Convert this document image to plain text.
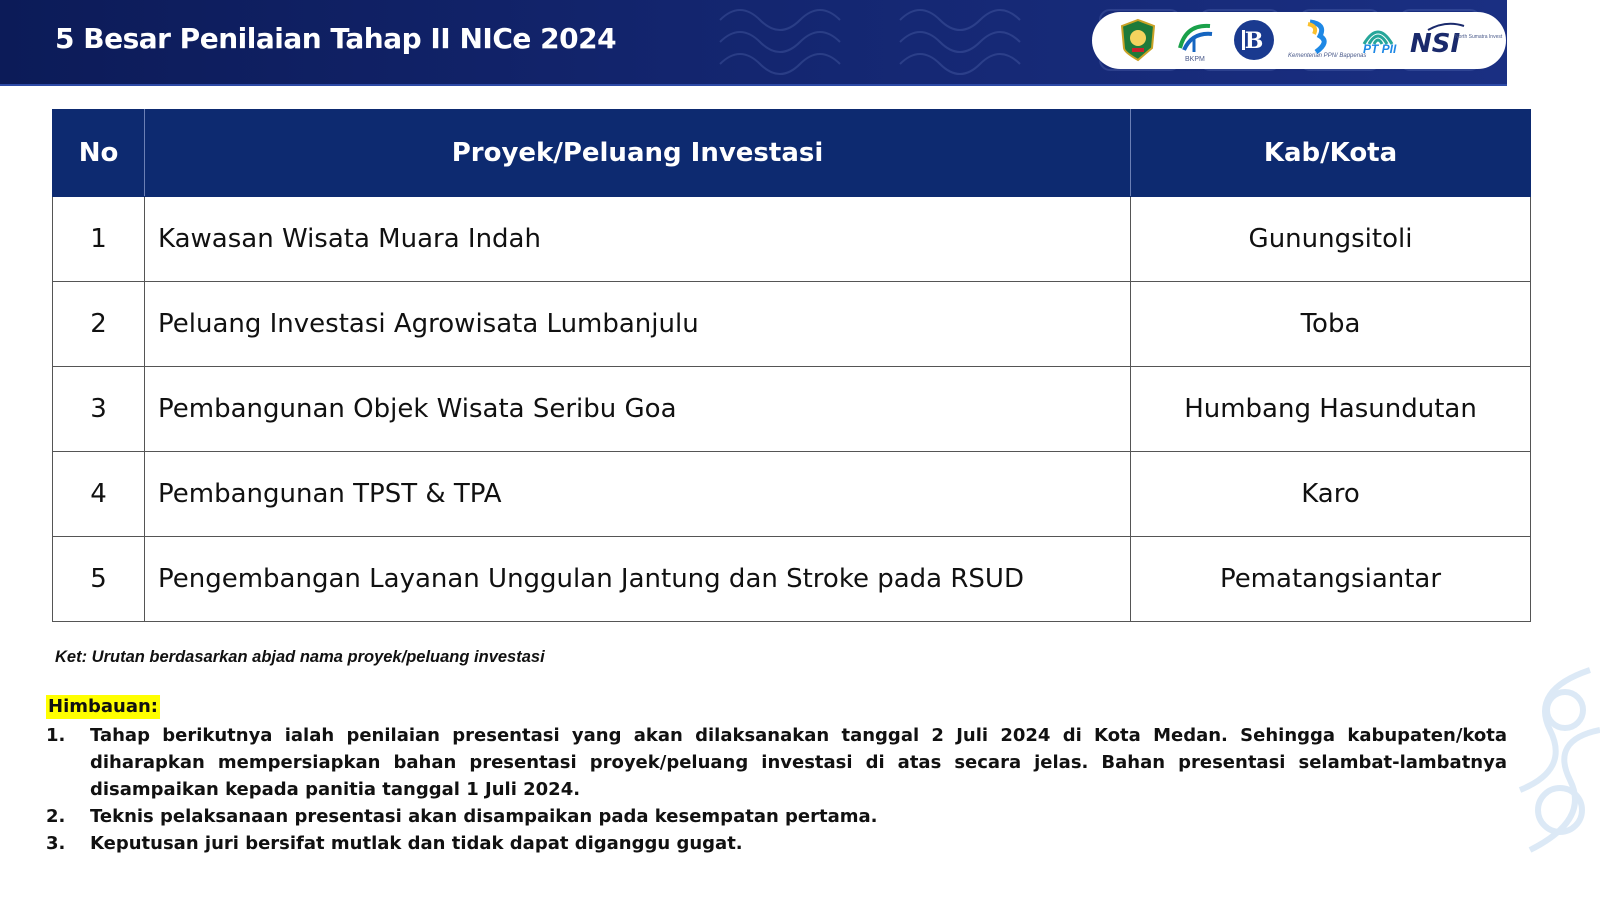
5 Besar Penilaian Tahap II NICe 2024
BKPM
B
Kementerian PPN/ Bappenas
PT PII NSI
North Sumatra Invest
No	Proyek/Peluang Investasi	Kab/Kota
1	Kawasan Wisata Muara Indah	Gunungsitoli
2	Peluang Investasi Agrowisata Lumbanjulu	Toba
3	Pembangunan Objek Wisata Seribu Goa	Humbang Hasundutan
4	Pembangunan TPST & TPA	Karo
5	Pengembangan Layanan Unggulan Jantung dan Stroke pada RSUD	Pematangsiantar
Ket: Urutan berdasarkan abjad nama proyek/peluang investasi
Himbauan:
1. Tahap berikutnya ialah penilaian presentasi yang akan dilaksanakan tanggal 2 Juli 2024 di Kota Medan. Sehingga kabupaten/kota diharapkan mempersiapkan bahan presentasi proyek/peluang investasi di atas secara jelas. Bahan presentasi selambat-lambatnya disampaikan kepada panitia tanggal 1 Juli 2024.
2. Teknis pelaksanaan presentasi akan disampaikan pada kesempatan pertama.
3. Keputusan juri bersifat mutlak dan tidak dapat diganggu gugat.
